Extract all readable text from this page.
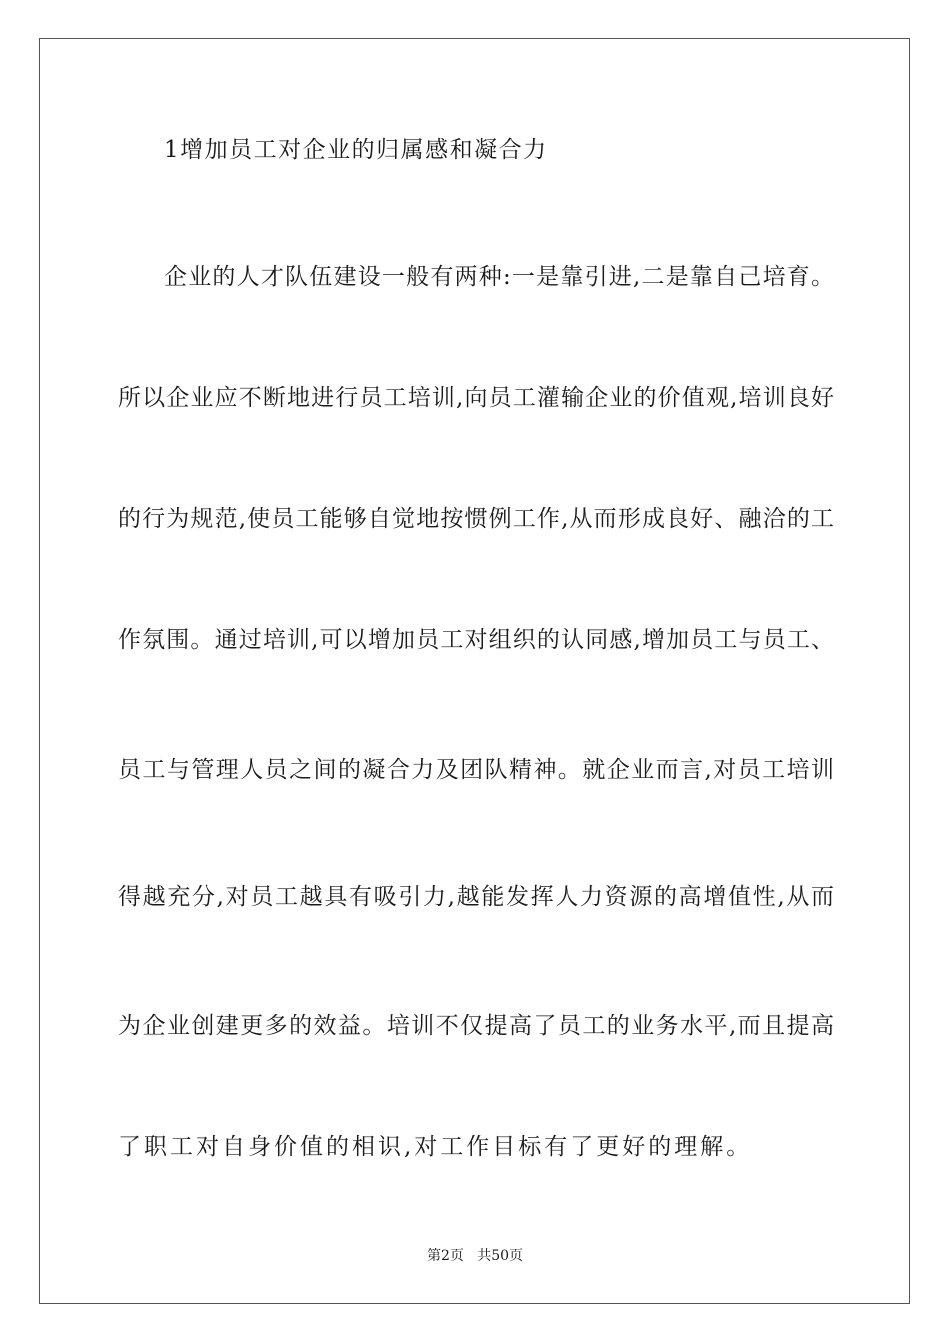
1增加员工对企业的归属感和凝合力
企业的人才队伍建设一般有两种:一是靠引进,二是靠自己培育。
所以企业应不断地进行员工培训,向员工灌输企业的价值观,培训良好
的行为规范,使员工能够自觉地按惯例工作,从而形成良好、融洽的工
作氛围。通过培训,可以增加员工对组织的认同感,增加员工与员工、
员工与管理人员之间的凝合力及团队精神。就企业而言,对员工培训
得越充分,对员工越具有吸引力,越能发挥人力资源的高增值性,从而
为企业创建更多的效益。培训不仅提高了员工的业务水平,而且提高
了职工对自身价值的相识,对工作目标有了更好的理解。
第2页   共50页
